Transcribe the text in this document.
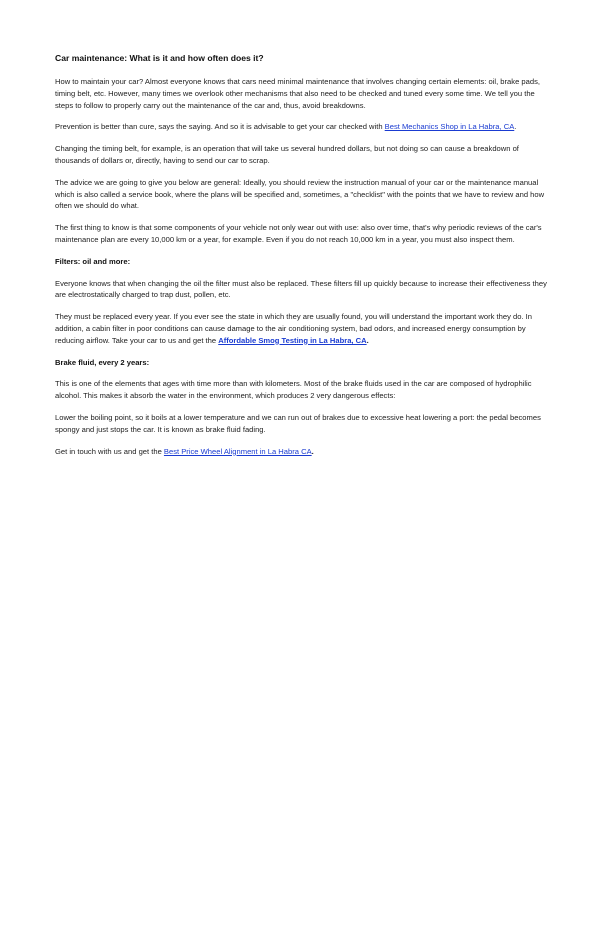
Car maintenance: What is it and how often does it?

How to maintain your car? Almost everyone knows that cars need minimal maintenance that involves changing certain elements: oil, brake pads, timing belt, etc. However, many times we overlook other mechanisms that also need to be checked and tuned every some time. We tell you the steps to follow to properly carry out the maintenance of the car and, thus, avoid breakdowns.

Prevention is better than cure, says the saying. And so it is advisable to get your car checked with Best Mechanics Shop in La Habra, CA.

Changing the timing belt, for example, is an operation that will take us several hundred dollars, but not doing so can cause a breakdown of thousands of dollars or, directly, having to send our car to scrap.

The advice we are going to give you below are general: Ideally, you should review the instruction manual of your car or the maintenance manual which is also called a service book, where the plans will be specified and, sometimes, a "checklist" with the points that we have to review and how often we should do what.

The first thing to know is that some components of your vehicle not only wear out with use: also over time, that's why periodic reviews of the car's maintenance plan are every 10,000 km or a year, for example. Even if you do not reach 10,000 km in a year, you must also inspect them.

Filters: oil and more:

Everyone knows that when changing the oil the filter must also be replaced. These filters fill up quickly because to increase their effectiveness they are electrostatically charged to trap dust, pollen, etc.

They must be replaced every year. If you ever see the state in which they are usually found, you will understand the important work they do. In addition, a cabin filter in poor conditions can cause damage to the air conditioning system, bad odors, and increased energy consumption by reducing airflow. Take your car to us and get the Affordable Smog Testing in La Habra, CA.

Brake fluid, every 2 years:

This is one of the elements that ages with time more than with kilometers. Most of the brake fluids used in the car are composed of hydrophilic alcohol. This makes it absorb the water in the environment, which produces 2 very dangerous effects:

Lower the boiling point, so it boils at a lower temperature and we can run out of brakes due to excessive heat lowering a port: the pedal becomes spongy and just stops the car. It is known as brake fluid fading.

Get in touch with us and get the Best Price Wheel Alignment in La Habra CA.
